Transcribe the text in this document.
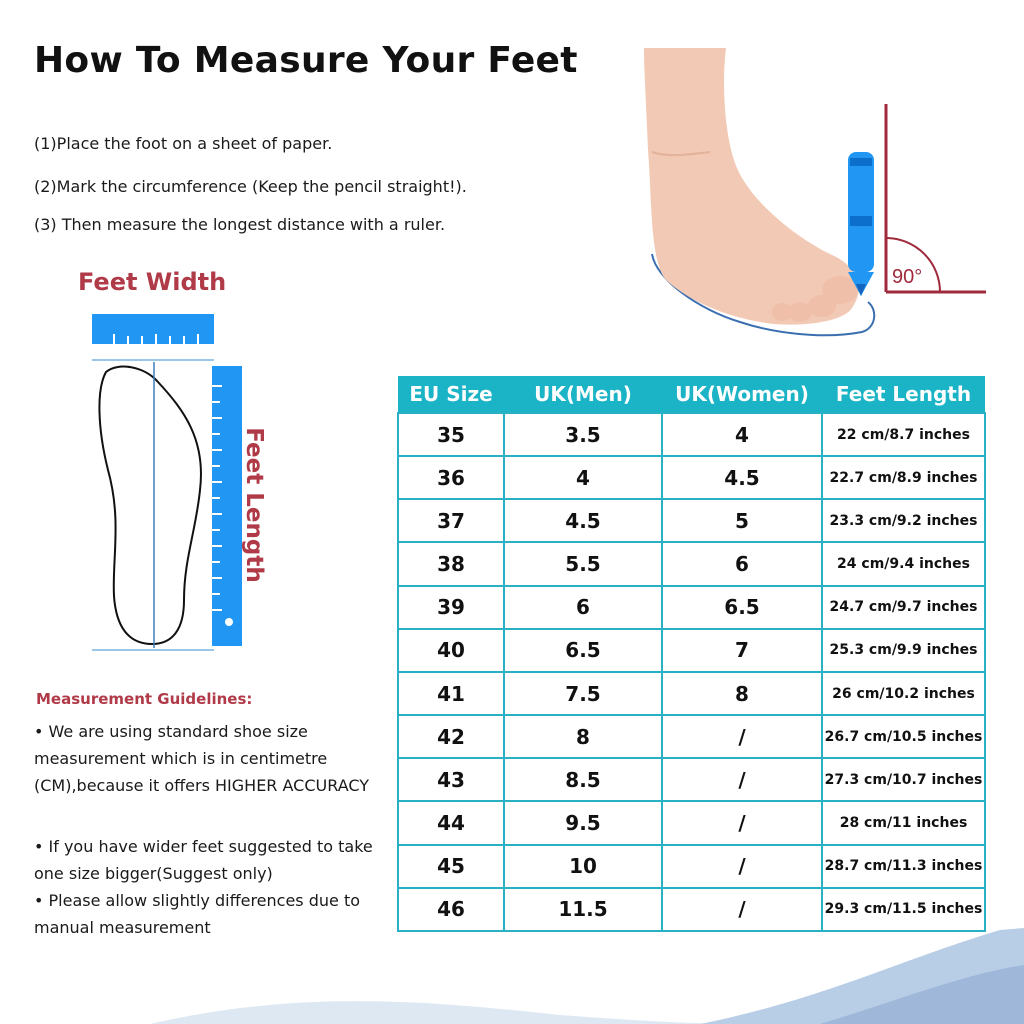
How To Measure Your Feet
(1)Place the foot on a sheet of paper.
(2)Mark the circumference (Keep the pencil straight!).
(3) Then measure the longest distance with a ruler.
90°
Feet Width
Feet Length
Measurement Guidelines:
• We are using standard shoe size measurement which is in centimetre (CM),because it offers HIGHER ACCURACY
• If you have wider feet suggested to take one size bigger(Suggest only)
• Please allow slightly differences due to manual measurement
EU Size	UK(Men)	UK(Women)	Feet Length
35	3.5	4	22 cm/8.7 inches
36	4	4.5	22.7 cm/8.9 inches
37	4.5	5	23.3 cm/9.2 inches
38	5.5	6	24 cm/9.4 inches
39	6	6.5	24.7 cm/9.7 inches
40	6.5	7	25.3 cm/9.9 inches
41	7.5	8	26 cm/10.2 inches
42	8	/	26.7 cm/10.5 inches
43	8.5	/	27.3 cm/10.7 inches
44	9.5	/	28 cm/11 inches
45	10	/	28.7 cm/11.3 inches
46	11.5	/	29.3 cm/11.5 inches
